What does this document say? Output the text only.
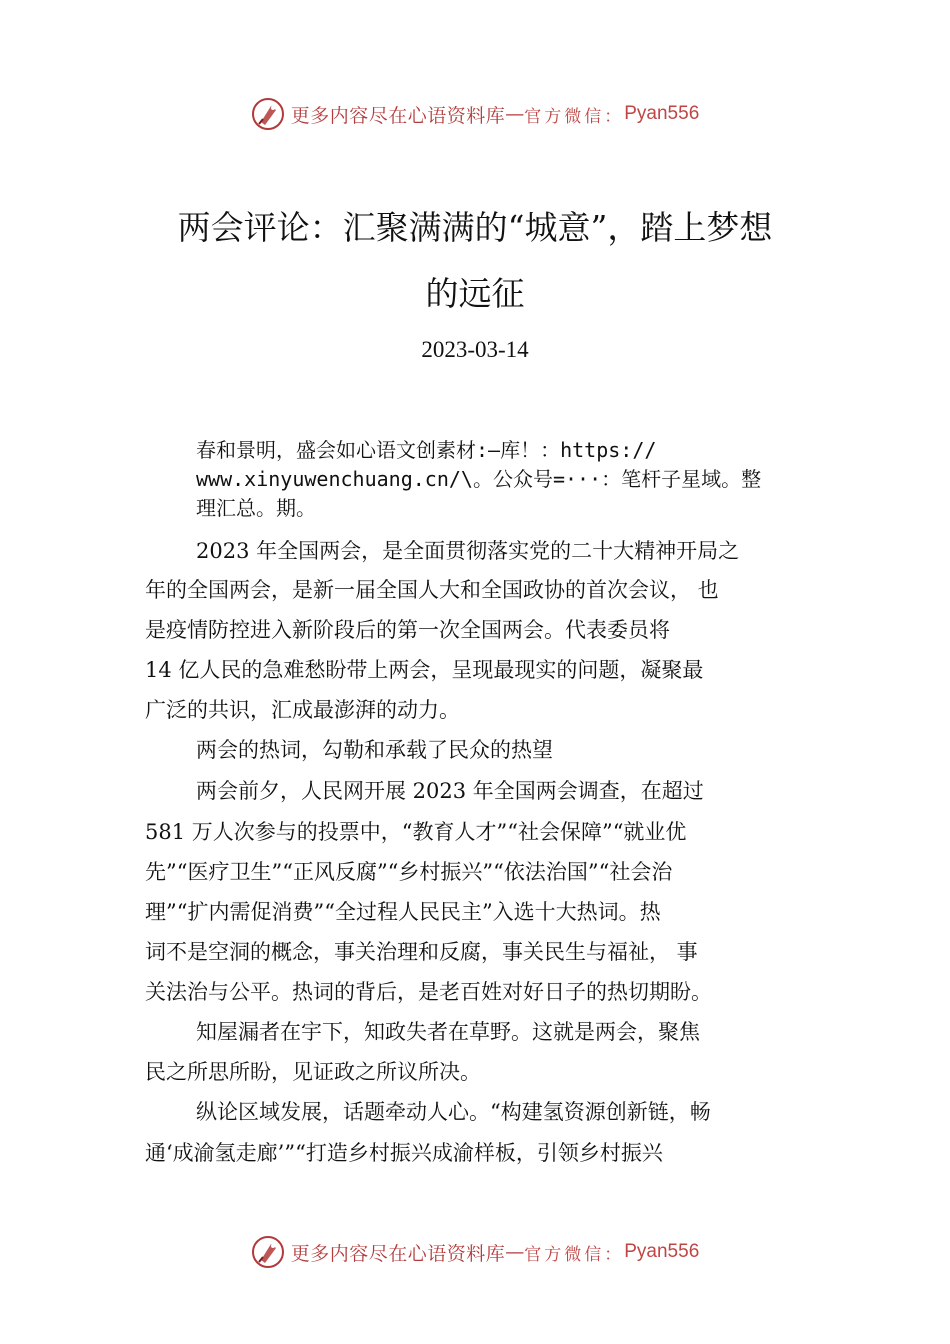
更多内容尽在心语资料库 — 官方微信： Pyan556
两会评论：汇聚满满的“城意”，踏上梦想
的远征
2023-03-14
春和景明，盛会如心语文创素材:—库！：https://
www.xinyuwenchuang.cn/\。公众号=···：笔杆子星域。整
理汇总。期。
2023 年全国两会，是全面贯彻落实党的二十大精神开局之
年的全国两会，是新一届全国人大和全国政协的首次会议， 也
是疫情防控进入新阶段后的第一次全国两会。代表委员将
14 亿人民的急难愁盼带上两会，呈现最现实的问题，凝聚最
广泛的共识，汇成最澎湃的动力。
两会的热词，勾勒和承载了民众的热望
两会前夕，人民网开展 2023 年全国两会调查，在超过
581 万人次参与的投票中，“教育人才”“社会保障”“就业优
先”“医疗卫生”“正风反腐”“乡村振兴”“依法治国”“社会治
理”“扩内需促消费”“全过程人民民主”入选十大热词。热
词不是空洞的概念，事关治理和反腐，事关民生与福祉， 事
关法治与公平。热词的背后，是老百姓对好日子的热切期盼。
知屋漏者在宇下，知政失者在草野。这就是两会，聚焦
民之所思所盼，见证政之所议所决。
纵论区域发展，话题牵动人心。“构建氢资源创新链，畅
通‘成渝氢走廊’”“打造乡村振兴成渝样板，引领乡村振兴
更多内容尽在心语资料库 — 官方微信： Pyan556
